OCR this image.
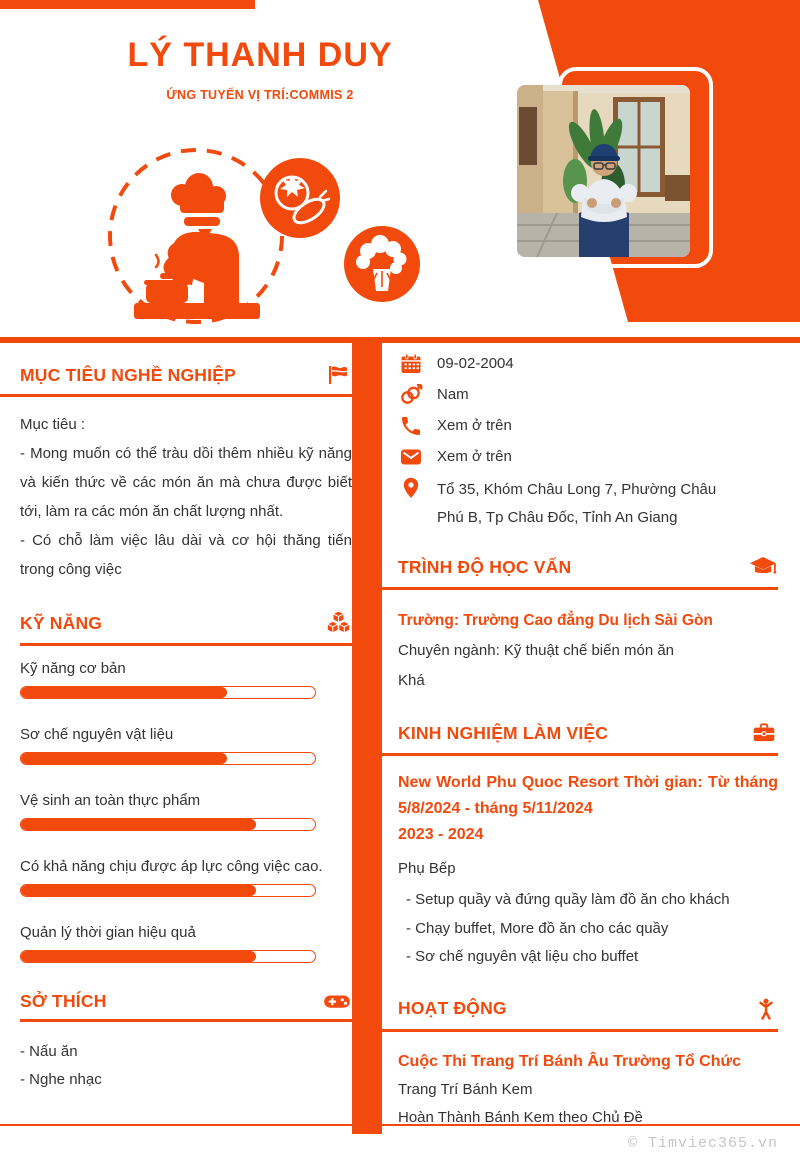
LÝ THANH DUY
ỨNG TUYỂN VỊ TRÍ:COMMIS 2
© Timviec365.vn
MỤC TIÊU NGHỀ NGHIỆP

Mục tiêu :

- Mong muốn có thể tràu dồi thêm nhiều kỹ năng và kiến thức về các món ăn mà chưa được biết tới, làm ra các món ăn chất lượng nhất.

- Có chỗ làm việc lâu dài và cơ hội thăng tiến trong công việc

KỸ NĂNG
Kỹ năng cơ bản
Sơ chế nguyên vật liệu
Vệ sinh an toàn thực phẩm
Có khả năng chịu được áp lực công việc cao.
Quản lý thời gian hiệu quả
SỞ THÍCH
- Nấu ăn
- Nghe nhạc
09-02-2004
Nam
Xem ở trên
Xem ở trên
Tổ 35, Khóm Châu Long 7, Phường Châu
Phú B, Tp Châu Đốc, Tỉnh An Giang
TRÌNH ĐỘ HỌC VẤN
Trường: Trường Cao đẳng Du lịch Sài Gòn
Chuyên ngành: Kỹ thuật chế biến món ăn
Khá
KINH NGHIỆM LÀM VIỆC
New World Phu Quoc Resort Thời gian: Từ tháng 5/8/2024 - tháng 5/11/2024
2023 - 2024
Phụ Bếp
- Setup quầy và đứng quầy làm đồ ăn cho khách
- Chạy buffet, More đồ ăn cho các quầy
- Sơ chế nguyên vật liệu cho buffet
HOẠT ĐỘNG
Cuộc Thi Trang Trí Bánh Âu Trường Tổ Chức
Trang Trí Bánh Kem
Hoàn Thành Bánh Kem theo Chủ Đề
